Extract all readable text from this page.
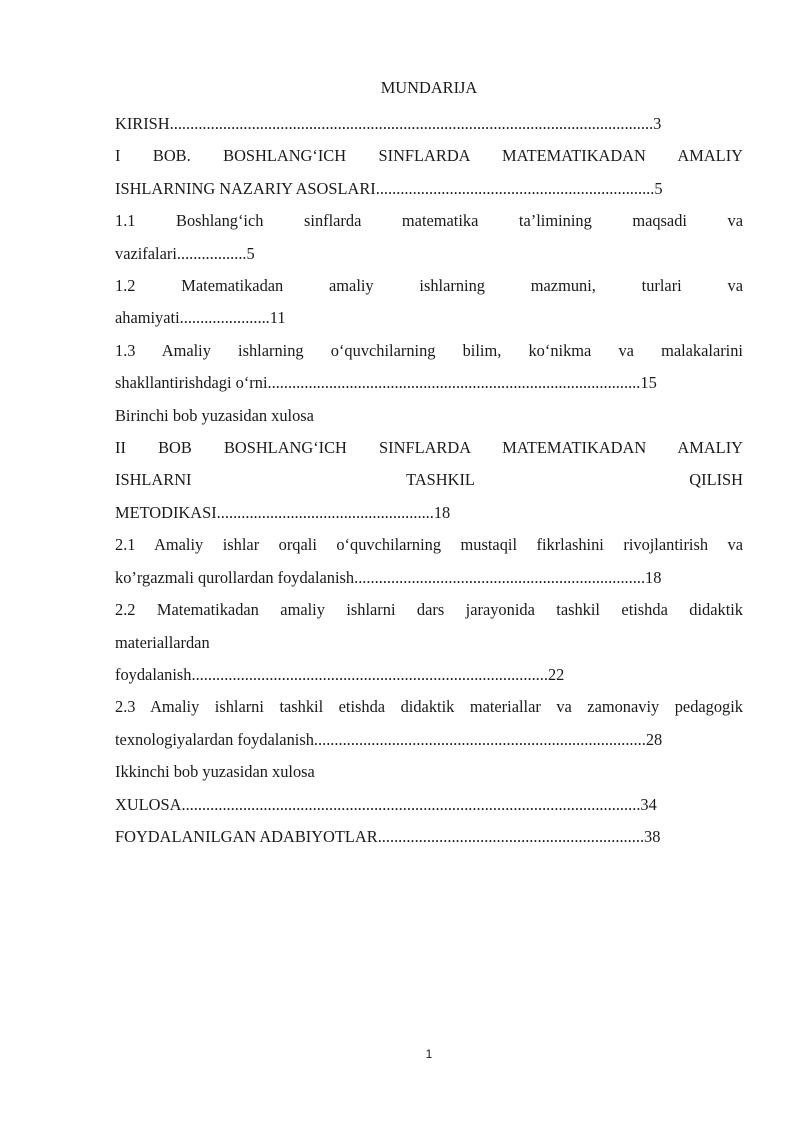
MUNDARIJA
KIRISH......................................................................................................................3
I BOB. BOSHLANG‘ICH SINFLARDA MATEMATIKADAN AMALIY
ISHLARNING NAZARIY ASOSLARI....................................................................5
1.1 Boshlang‘ich sinflarda matematika ta’limining maqsadi va
vazifalari.................5
1.2 Matematikadan amaliy ishlarning mazmuni, turlari va
ahamiyati......................11
1.3 Amaliy ishlarning o‘quvchilarning bilim, ko‘nikma va malakalarini
shakllantirishdagi o‘rni...........................................................................................15
Birinchi bob yuzasidan xulosa
II BOB BOSHLANG‘ICH SINFLARDA MATEMATIKADAN AMALIY
ISHLARNI TASHKIL QILISH
METODIKASI.....................................................18
2.1 Amaliy ishlar orqali o‘quvchilarning mustaqil fikrlashini rivojlantirish va
ko’rgazmali qurollardan foydalanish.......................................................................18
2.2 Matematikadan amaliy ishlarni dars jarayonida tashkil etishda didaktik
materiallardan
foydalanish.......................................................................................22
2.3 Amaliy ishlarni tashkil etishda didaktik materiallar va zamonaviy pedagogik
texnologiyalardan foydalanish.................................................................................28
Ikkinchi bob yuzasidan xulosa
XULOSA................................................................................................................34
FOYDALANILGAN ADABIYOTLAR.................................................................38
1
